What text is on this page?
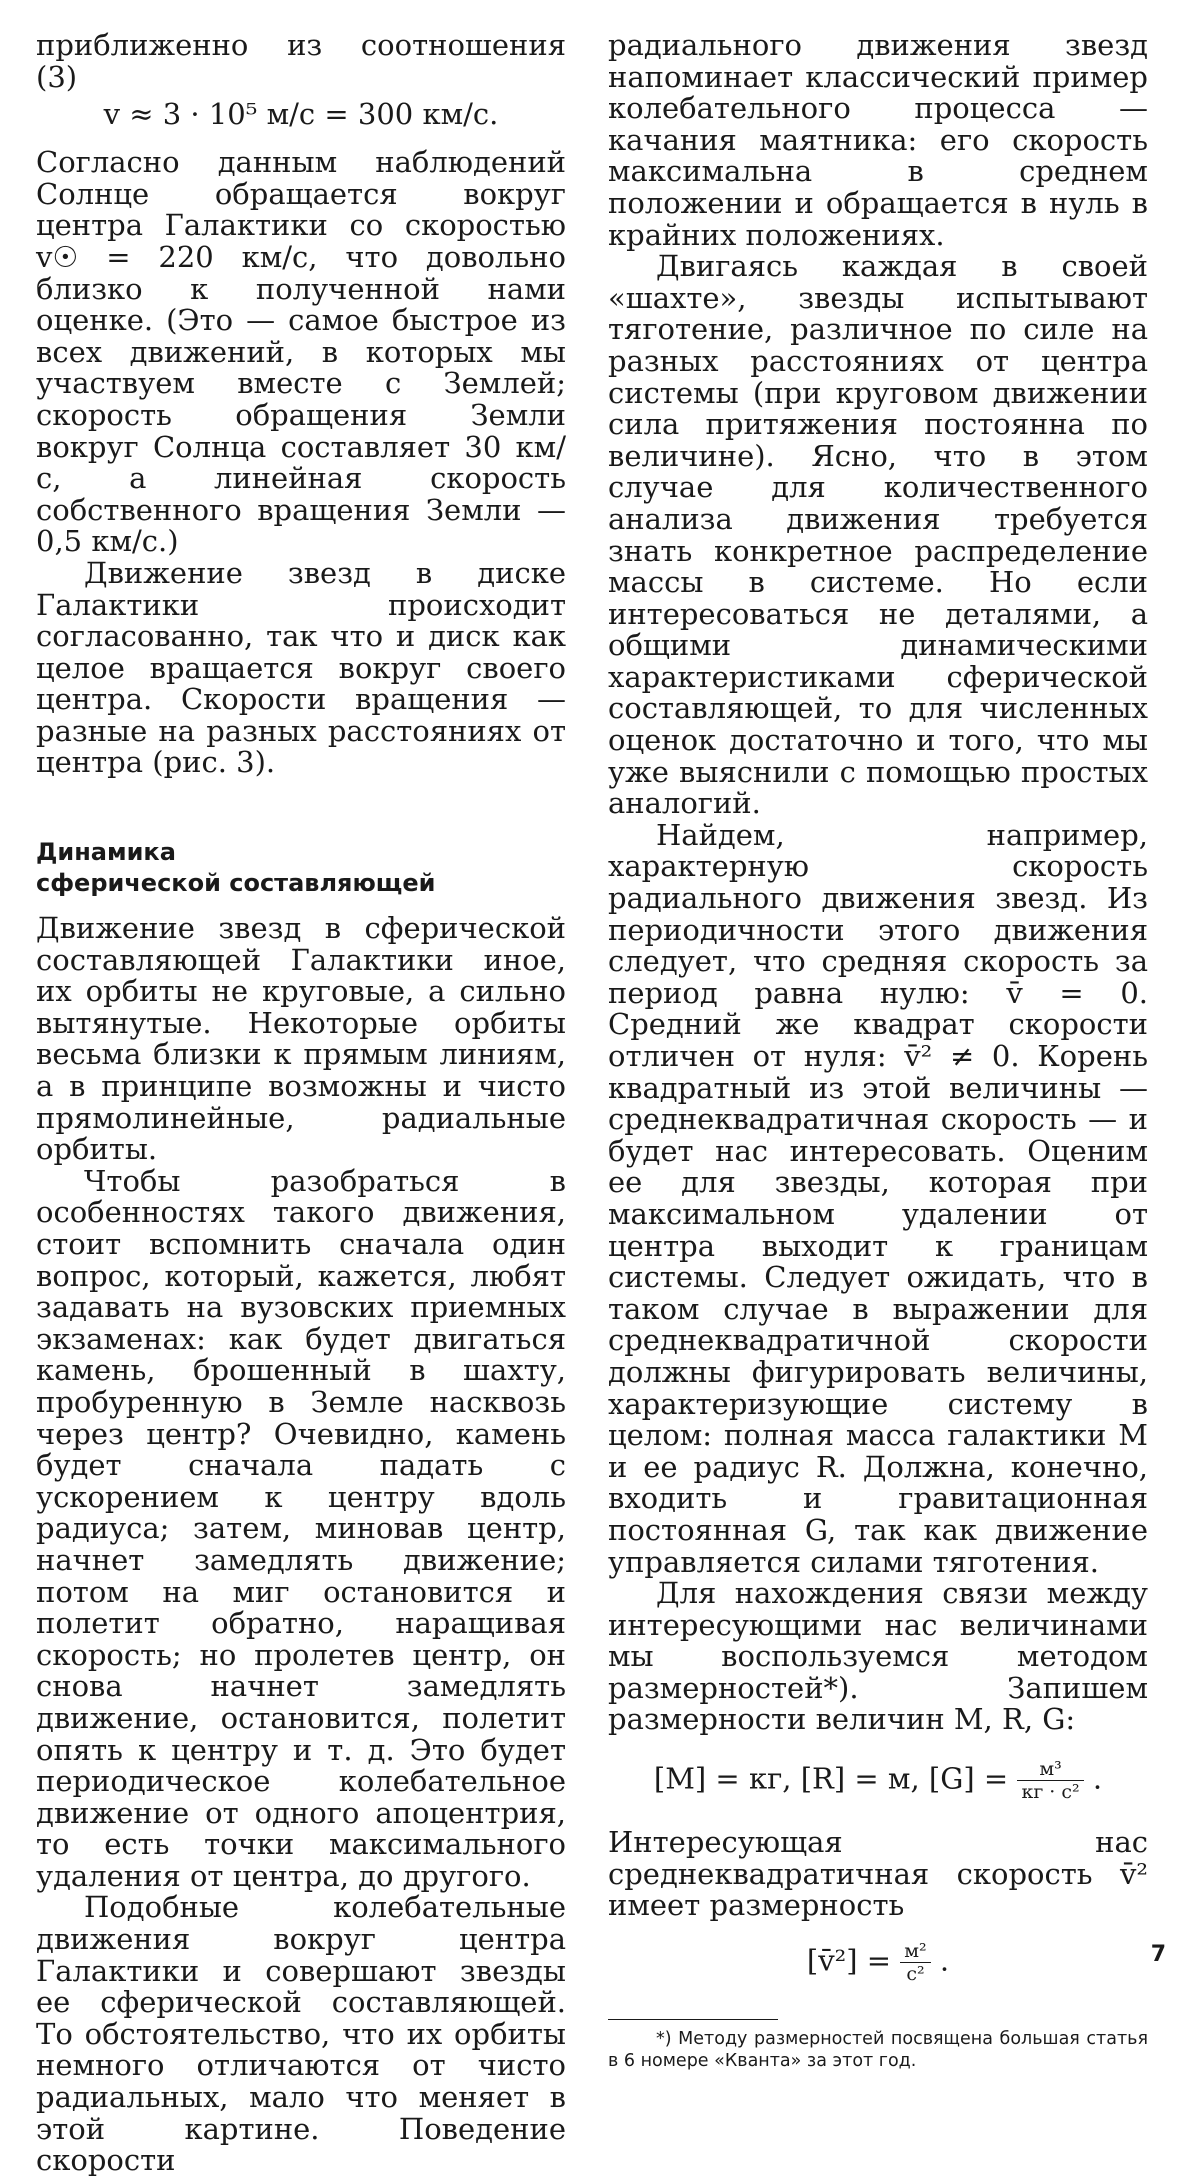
приближенно из соотношения (3)

v ≈ 3 · 10⁵ м/с = 300 км/с.

Согласно данным наблюдений Солнце обращается вокруг центра Галактики со скоростью v☉ = 220 км/с, что довольно близко к полученной нами оценке. (Это — самое быстрое из всех движений, в которых мы участвуем вместе с Землей; скорость обращения Земли вокруг Солнца составляет 30 км/с, а линейная скорость собственного вращения Земли — 0,5 км/с.)

Движение звезд в диске Галактики происходит согласованно, так что и диск как целое вращается вокруг своего центра. Скорости вращения — разные на разных расстояниях от центра (рис. 3).

Динамика
сферической составляющей

Движение звезд в сферической составляющей Галактики иное, их орбиты не круговые, а сильно вытянутые. Некоторые орбиты весьма близки к прямым линиям, а в принципе возможны и чисто прямолинейные, радиальные орбиты.

Чтобы разобраться в особенностях такого движения, стоит вспомнить сначала один вопрос, который, кажется, любят задавать на вузовских приемных экзаменах: как будет двигаться камень, брошенный в шахту, пробуренную в Земле насквозь через центр? Очевидно, камень будет сначала падать с ускорением к центру вдоль радиуса; затем, миновав центр, начнет замедлять движение; потом на миг остановится и полетит обратно, наращивая скорость; но пролетев центр, он снова начнет замедлять движение, остановится, полетит опять к центру и т. д. Это будет периодическое колебательное движение от одного апоцентрия, то есть точки максимального удаления от центра, до другого.

Подобные колебательные движения вокруг центра Галактики и совершают звезды ее сферической составляющей. То обстоятельство, что их орбиты немного отличаются от чисто радиальных, мало что меняет в этой картине. Поведение скорости

радиального движения звезд напоминает классический пример колебательного процесса — качания маятника: его скорость максимальна в среднем положении и обращается в нуль в крайних положениях.

Двигаясь каждая в своей «шахте», звезды испытывают тяготение, различное по силе на разных расстояниях от центра системы (при круговом движении сила притяжения постоянна по величине). Ясно, что в этом случае для количественного анализа движения требуется знать конкретное распределение массы в системе. Но если интересоваться не деталями, а общими динамическими характеристиками сферической составляющей, то для численных оценок достаточно и того, что мы уже выяснили с помощью простых аналогий.

Найдем, например, характерную скорость радиального движения звезд. Из периодичности этого движения следует, что средняя скорость за период равна нулю: v̄ = 0. Средний же квадрат скорости отличен от нуля: v̄² ≠ 0. Корень квадратный из этой величины — среднеквадратичная скорость — и будет нас интересовать. Оценим ее для звезды, которая при максимальном удалении от центра выходит к границам системы. Следует ожидать, что в таком случае в выражении для среднеквадратичной скорости должны фигурировать величины, характеризующие систему в целом: полная масса галактики M и ее радиус R. Должна, конечно, входить и гравитационная постоянная G, так как движение управляется силами тяготения.

Для нахождения связи между интересующими нас величинами мы воспользуемся методом размерностей*). Запишем размерности величин M, R, G:

[M] = кг, [R] = м, $[G] = \frac{\text{м³}}{\text{кг · с²}}$ .

Интересующая нас среднеквадратичная скорость v̄² имеет размерность

[v̄²] = $\frac{\text{м²}}{\text{с²}}$ .
*) Методу размерностей посвящена большая статья в 6 номере «Кванта» за этот год.
7
